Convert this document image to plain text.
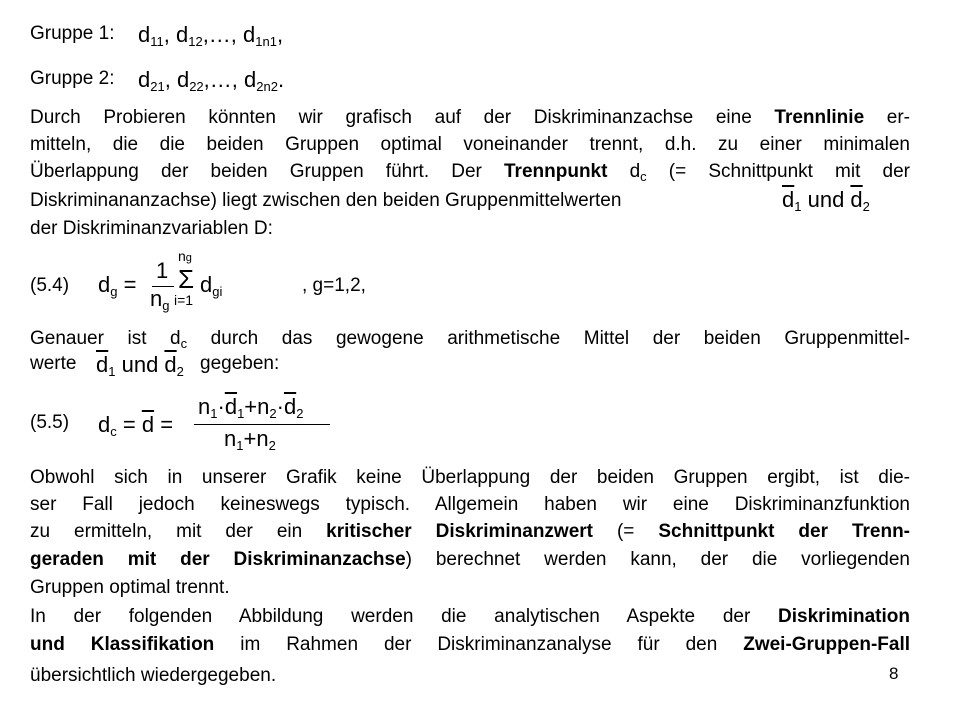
Gruppe 1: $d_{11}$, $d_{12},\dots$, $d_{1n1}$,
Gruppe 2: $d_{21}$, $d_{22},\dots$, $d_{2n2}$.
Durch Probieren könnten wir grafisch auf der Diskriminanzachse eine Trennlinie er-
mitteln, die die beiden Gruppen optimal voneinander trennt, d.h. zu einer minimalen
Überlappung der beiden Gruppen führt. Der Trennpunkt $d_c$ (= Schnittpunkt mit der
Diskriminananzachse) liegt zwischen den beiden Gruppenmittelwerten	$\overline{d}_1$ und $\overline{d}_2$
der Diskriminanzvariablen D:
(5.4) $d_g$ =
1
$n_g$
ng
Σ
i=1
$d_{gi}$	, g=1,2,
Genauer ist $d_c$ durch das gewogene arithmetische Mittel der beiden Gruppenmittel-
werte $\overline{d}_1$ und $\overline{d}_2$ gegeben:
(5.5) $d_c = \overline{d}$ =
$n_1\cdot\overline{d}_1+n_2\cdot\overline{d}_2$
$n_1+n_2$
Obwohl sich in unserer Grafik keine Überlappung der beiden Gruppen ergibt, ist die-
ser Fall jedoch keineswegs typisch. Allgemein haben wir eine Diskriminanzfunktion
zu ermitteln, mit der ein kritischer Diskriminanzwert (= Schnittpunkt der Trenn-
geraden mit der Diskriminanzachse) berechnet werden kann, der die vorliegenden
Gruppen optimal trennt.
In der folgenden Abbildung werden die analytischen Aspekte der Diskrimination
und Klassifikation im Rahmen der Diskriminanzanalyse für den Zwei-Gruppen-Fall
übersichtlich wiedergegeben.	8
